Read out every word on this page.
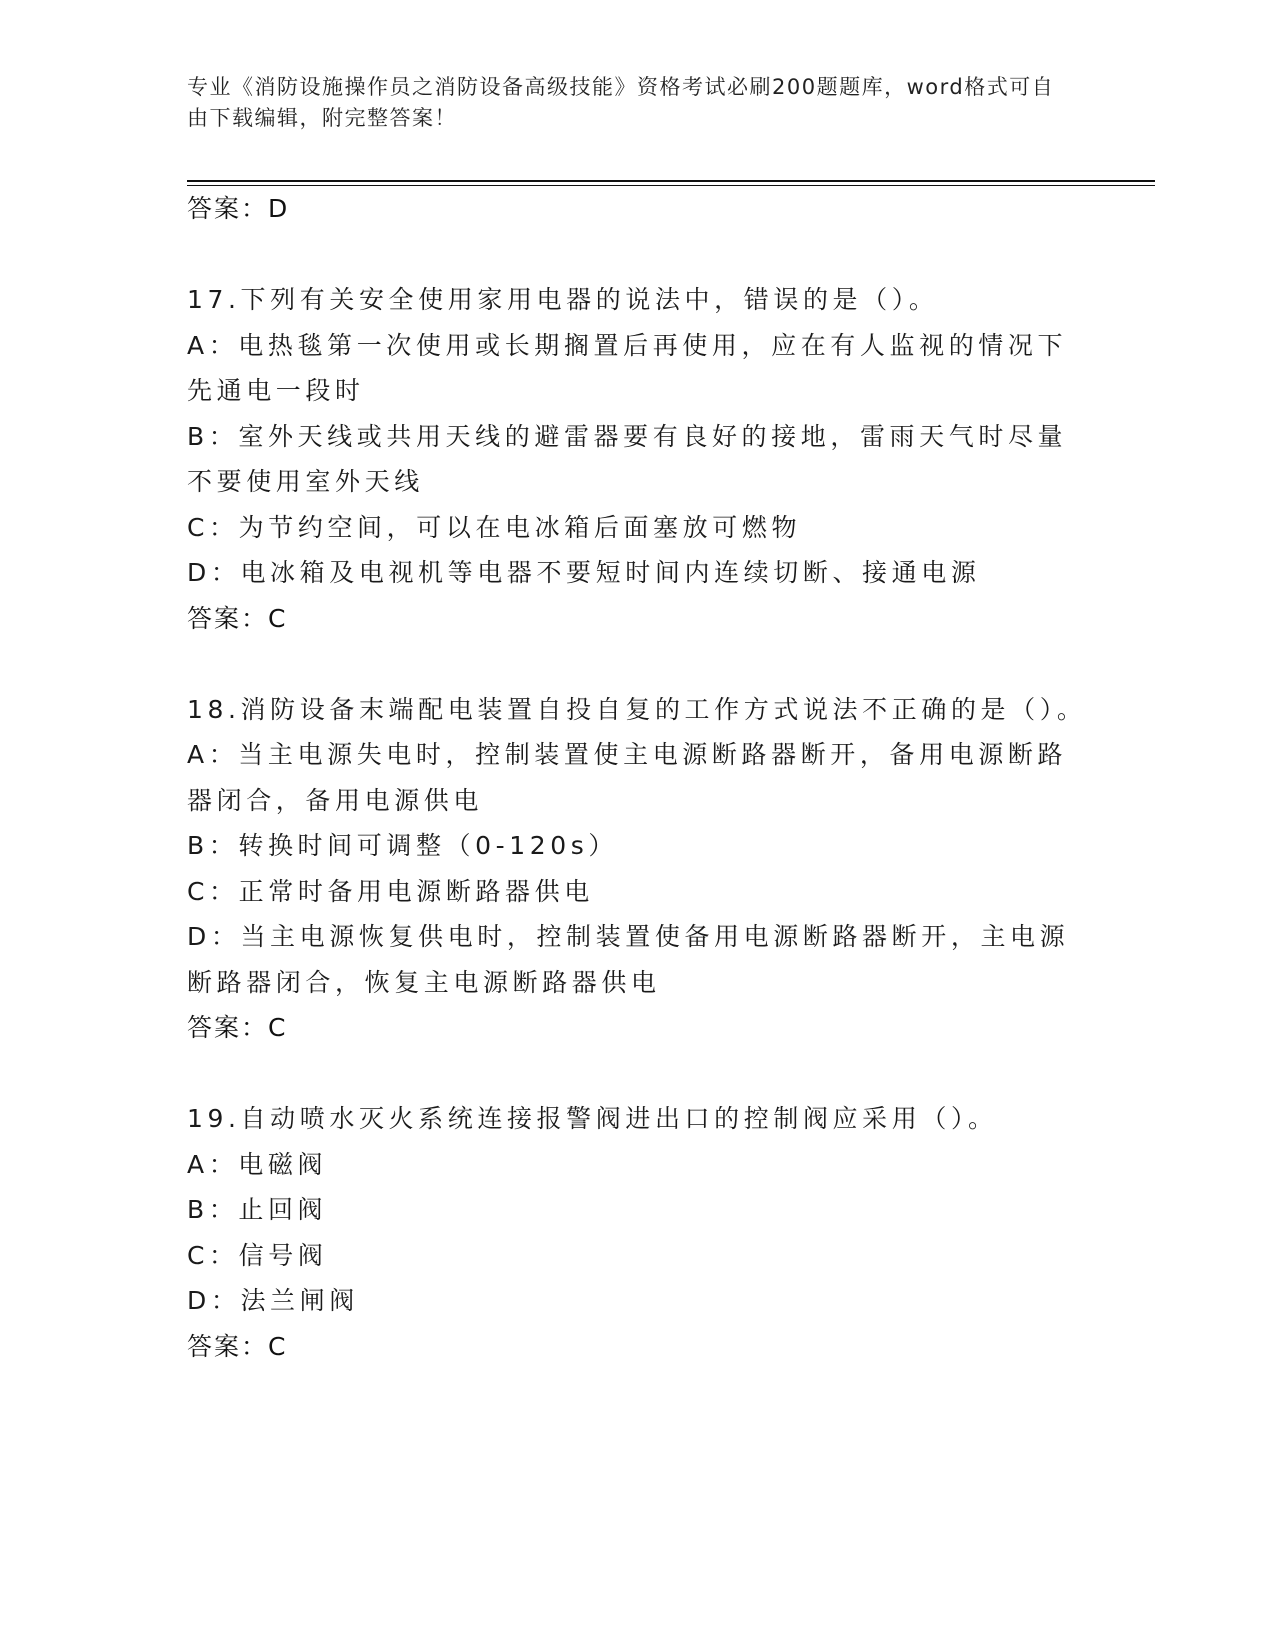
专业《消防设施操作员之消防设备高级技能》资格考试必刷200题题库，word格式可自由下载编辑，附完整答案！
答案：D
17.下列有关安全使用家用电器的说法中，错误的是（）。
A：电热毯第一次使用或长期搁置后再使用，应在有人监视的情况下先通电一段时
B：室外天线或共用天线的避雷器要有良好的接地，雷雨天气时尽量不要使用室外天线
C：为节约空间，可以在电冰箱后面塞放可燃物
D：电冰箱及电视机等电器不要短时间内连续切断、接通电源
答案：C
18.消防设备末端配电装置自投自复的工作方式说法不正确的是（）。
A：当主电源失电时，控制装置使主电源断路器断开，备用电源断路器闭合，备用电源供电
B：转换时间可调整（0-120s）
C：正常时备用电源断路器供电
D：当主电源恢复供电时，控制装置使备用电源断路器断开，主电源断路器闭合，恢复主电源断路器供电
答案：C
19.自动喷水灭火系统连接报警阀进出口的控制阀应采用（）。
A：电磁阀
B：止回阀
C：信号阀
D：法兰闸阀
答案：C
